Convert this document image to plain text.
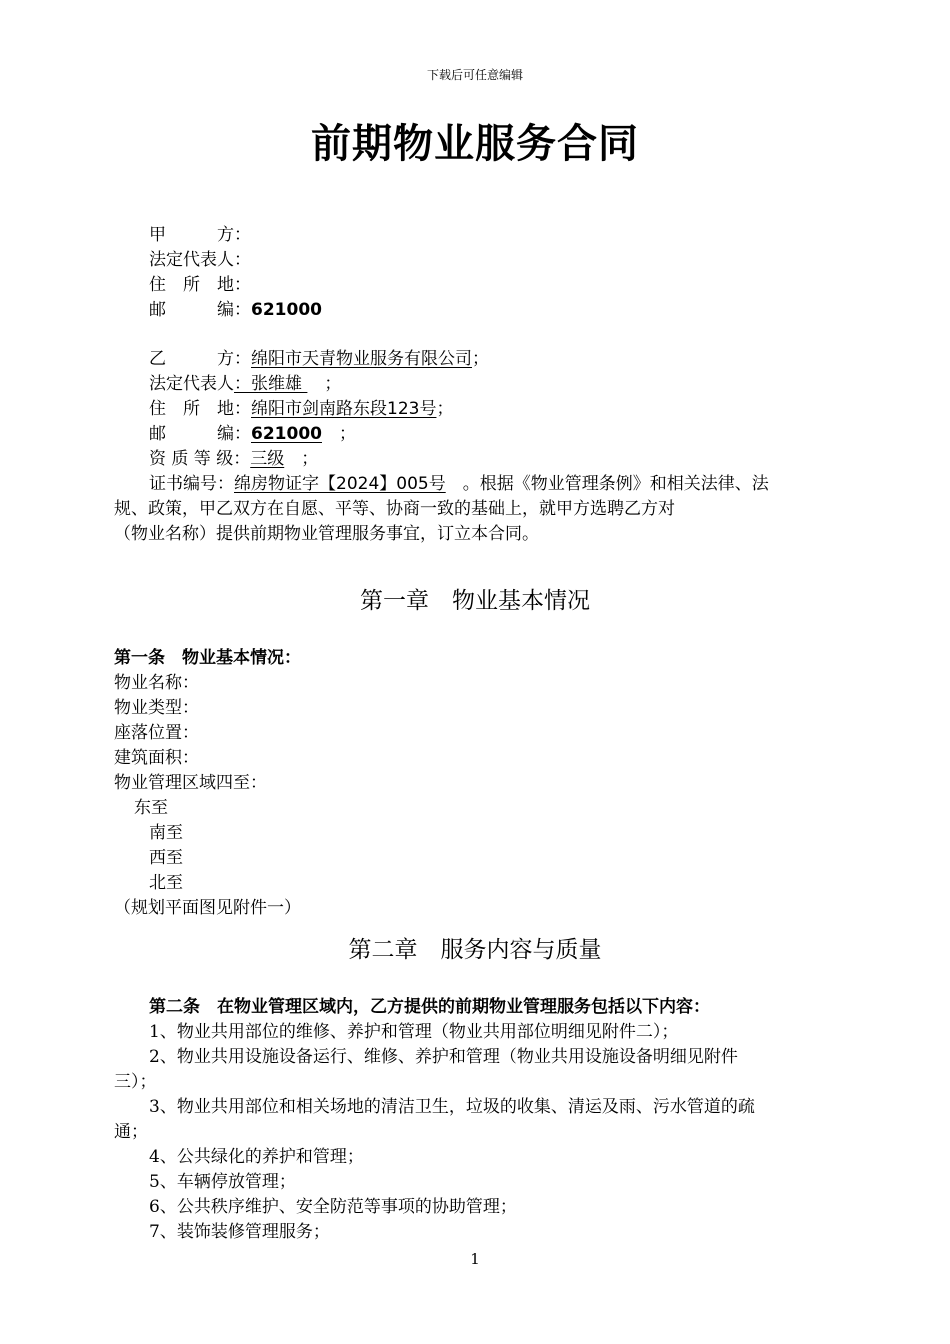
下载后可任意编辑
前期物业服务合同
甲　　　方：
法定代表人：
住　所　地：
邮　　　编：621000
乙　　　方：绵阳市天青物业服务有限公司；
法定代表人：张维雄 　；
住　所　地：绵阳市剑南路东段123号；
邮　　　编：621000　；
资 质 等 级：三级　；
证书编号：绵房物证字【2024】005号　。根据《物业管理条例》和相关法律、法
规、政策，甲乙双方在自愿、平等、协商一致的基础上，就甲方选聘乙方对
（物业名称）提供前期物业管理服务事宜，订立本合同。
第一章　物业基本情况
第一条　物业基本情况：
物业名称：
物业类型：
座落位置：
建筑面积：
物业管理区域四至：
东至
南至
西至
北至
（规划平面图见附件一）
第二章　服务内容与质量
第二条　在物业管理区域内，乙方提供的前期物业管理服务包括以下内容：
1、物业共用部位的维修、养护和管理（物业共用部位明细见附件二）；
2、物业共用设施设备运行、维修、养护和管理（物业共用设施设备明细见附件
三）；
3、物业共用部位和相关场地的清洁卫生，垃圾的收集、清运及雨、污水管道的疏
通；
4、公共绿化的养护和管理；
5、车辆停放管理；
6、公共秩序维护、安全防范等事项的协助管理；
7、装饰装修管理服务；
1
